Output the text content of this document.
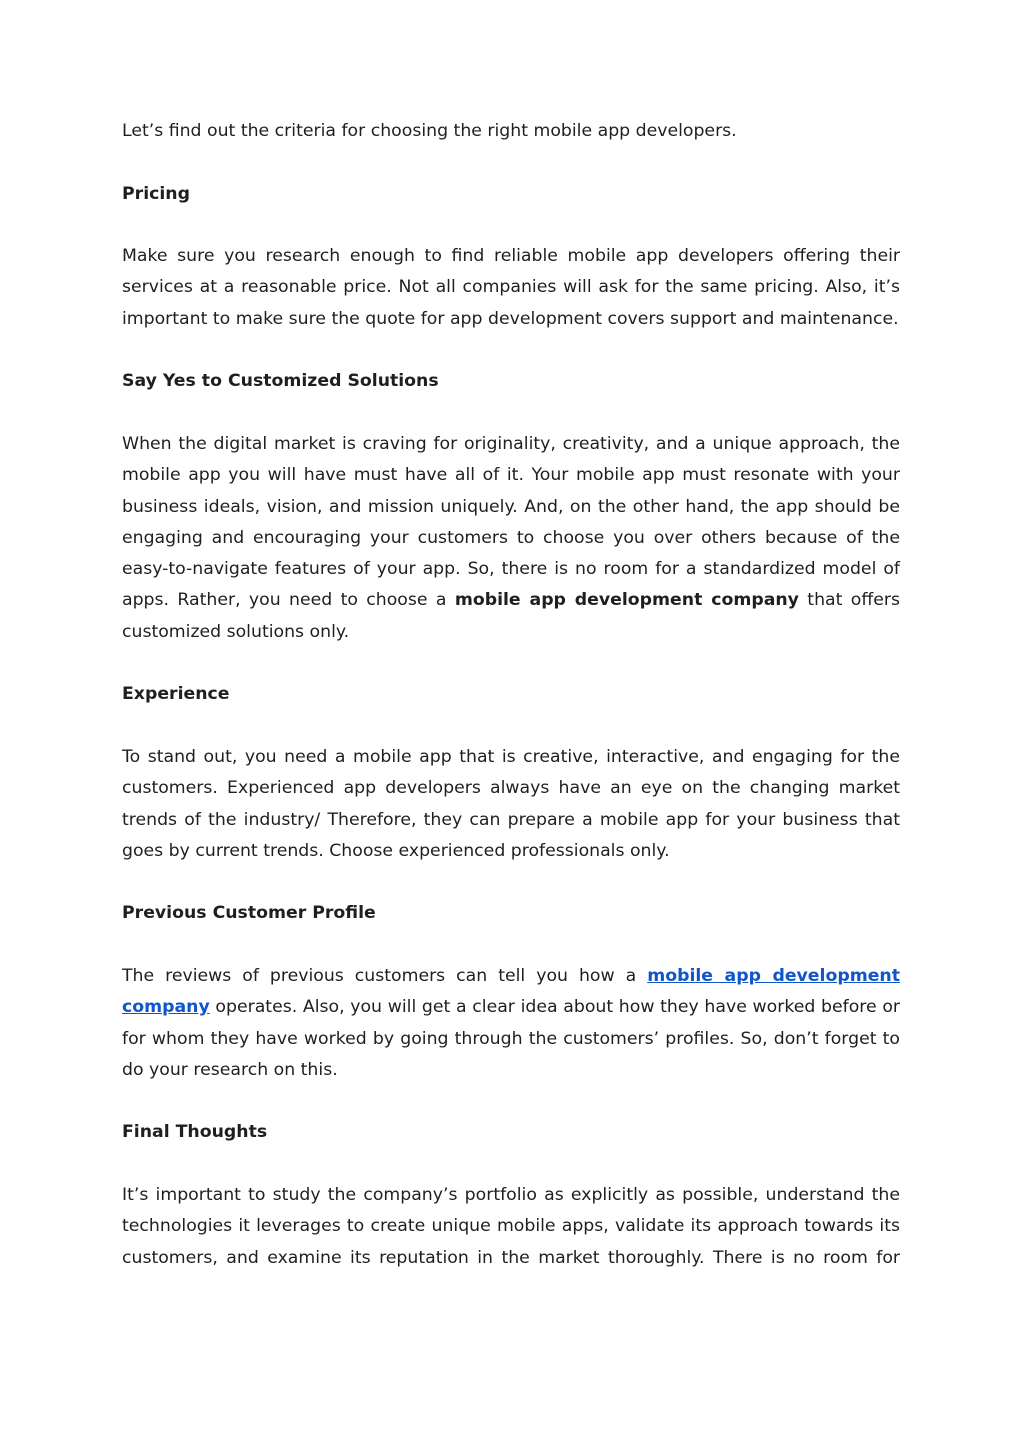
Let’s find out the criteria for choosing the right mobile app developers.

Pricing

Make sure you research enough to find reliable mobile app developers offering their services at a reasonable price. Not all companies will ask for the same pricing. Also, it’s important to make sure the quote for app development covers support and maintenance.

Say Yes to Customized Solutions

When the digital market is craving for originality, creativity, and a unique approach, the mobile app you will have must have all of it. Your mobile app must resonate with your business ideals, vision, and mission uniquely. And, on the other hand, the app should be engaging and encouraging your customers to choose you over others because of the easy-to-navigate features of your app. So, there is no room for a standardized model of apps. Rather, you need to choose a mobile app development company that offers customized solutions only.

Experience

To stand out, you need a mobile app that is creative, interactive, and engaging for the customers. Experienced app developers always have an eye on the changing market trends of the industry/ Therefore, they can prepare a mobile app for your business that goes by current trends. Choose experienced professionals only.

Previous Customer Profile

The reviews of previous customers can tell you how a mobile app development company operates. Also, you will get a clear idea about how they have worked before or for whom they have worked by going through the customers’ profiles. So, don’t forget to do your research on this.

Final Thoughts

It’s important to study the company’s portfolio as explicitly as possible, understand the technologies it leverages to create unique mobile apps, validate its approach towards its customers, and examine its reputation in the market thoroughly. There is no room for
